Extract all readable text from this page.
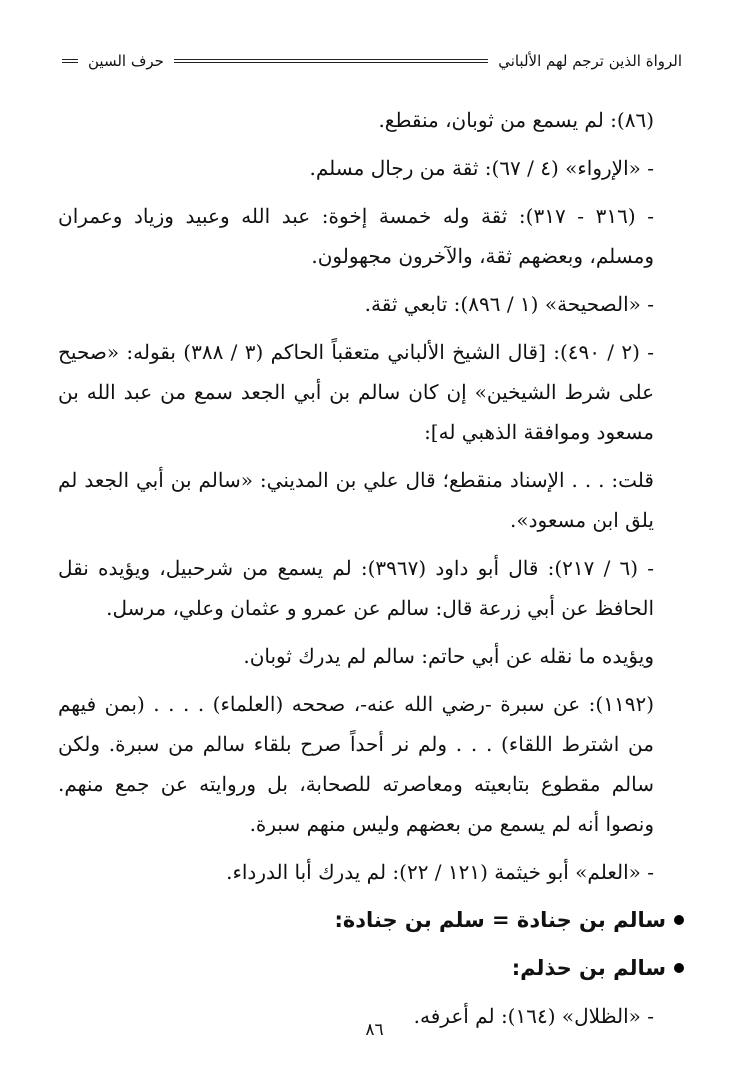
الرواة الذين ترجم لهم الألباني
حرف السين

(٨٦): لم يسمع من ثوبان، منقطع.

- «الإرواء» (٤ / ٦٧): ثقة من رجال مسلم.

- (٣١٦ - ٣١٧): ثقة وله خمسة إخوة: عبد الله وعبيد وزياد وعمران ومسلم، وبعضهم ثقة، والآخرون مجهولون.

- «الصحيحة» (١ / ٨٩٦): تابعي ثقة.

- (٢ / ٤٩٠): [قال الشيخ الألباني متعقباً الحاكم (٣ / ٣٨٨) بقوله: «صحيح على شرط الشيخين» إن كان سالم بن أبي الجعد سمع من عبد الله بن مسعود وموافقة الذهبي له]:

قلت: . . . الإسناد منقطع؛ قال علي بن المديني: «سالم بن أبي الجعد لم يلق ابن مسعود».

- (٦ / ٢١٧): قال أبو داود (٣٩٦٧): لم يسمع من شرحبيل، ويؤيده نقل الحافظ عن أبي زرعة قال: سالم عن عمرو و عثمان وعلي، مرسل.

ويؤيده ما نقله عن أبي حاتم: سالم لم يدرك ثوبان.

(١١٩٢): عن سبرة -رضي الله عنه-، صححه (العلماء) . . . . (بمن فيهم من اشترط اللقاء) . . . ولم نر أحداً صرح بلقاء سالم من سبرة. ولكن سالم مقطوع بتابعيته ومعاصرته للصحابة، بل وروايته عن جمع منهم. ونصوا أنه لم يسمع من بعضهم وليس منهم سبرة.

- «العلم» أبو خيثمة (١٢١ / ٢٢): لم يدرك أبا الدرداء.

سالم بن جنادة = سلم بن جنادة:
سالم بن حذلم:

- «الظلال» (١٦٤): لم أعرفه.

٨٦
